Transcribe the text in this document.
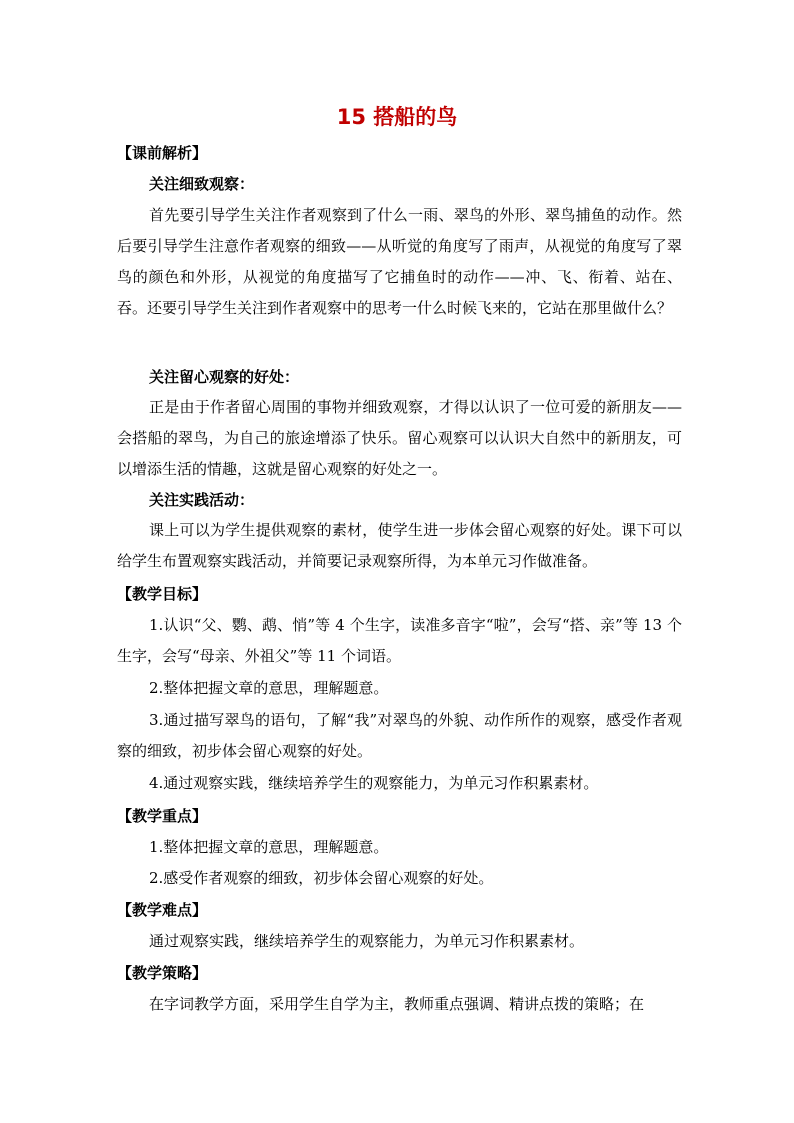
15 搭船的鸟
【课前解析】
关注细致观察：

首先要引导学生关注作者观察到了什么一雨、翠鸟的外形、翠鸟捕鱼的动作。然后要引导学生注意作者观察的细致——从听觉的角度写了雨声，从视觉的角度写了翠鸟的颜色和外形，从视觉的角度描写了它捕鱼时的动作——冲、飞、衔着、站在、吞。还要引导学生关注到作者观察中的思考一什么时候飞来的，它站在那里做什么？

关注留心观察的好处：

正是由于作者留心周围的事物并细致观察，才得以认识了一位可爱的新朋友——会搭船的翠鸟，为自己的旅途增添了快乐。留心观察可以认识大自然中的新朋友，可以增添生活的情趣，这就是留心观察的好处之一。

关注实践活动：

课上可以为学生提供观察的素材，使学生进一步体会留心观察的好处。课下可以给学生布置观察实践活动，并简要记录观察所得，为本单元习作做准备。

【教学目标】

1.认识“父、鹦、鹉、悄”等 4 个生字，读准多音字“啦”，会写“搭、亲”等 13 个生字，会写“母亲、外祖父”等 11 个词语。

2.整体把握文章的意思，理解题意。

3.通过描写翠鸟的语句，了解“我”对翠鸟的外貌、动作所作的观察，感受作者观察的细致，初步体会留心观察的好处。

4.通过观察实践，继续培养学生的观察能力，为单元习作积累素材。

【教学重点】

1.整体把握文章的意思，理解题意。

2.感受作者观察的细致，初步体会留心观察的好处。

【教学难点】

通过观察实践，继续培养学生的观察能力，为单元习作积累素材。

【教学策略】

在字词教学方面，采用学生自学为主，教师重点强调、精讲点拨的策略；在
